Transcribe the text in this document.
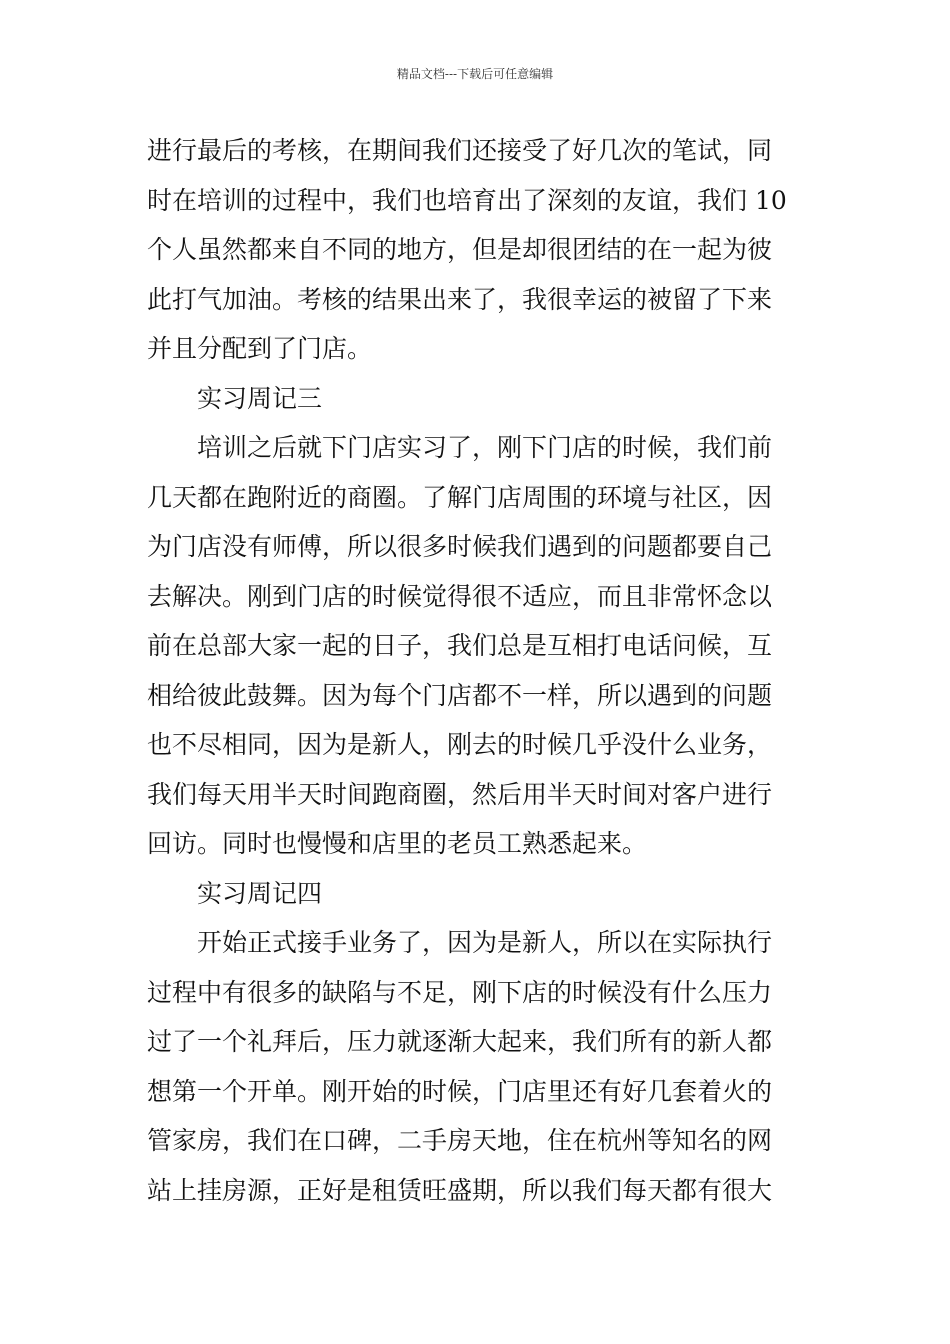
精品文档---下载后可任意编辑
进行最后的考核，在期间我们还接受了好几次的笔试，同
时在培训的过程中，我们也培育出了深刻的友谊，我们 10
个人虽然都来自不同的地方，但是却很团结的在一起为彼
此打气加油。考核的结果出来了，我很幸运的被留了下来
并且分配到了门店。
实习周记三
培训之后就下门店实习了，刚下门店的时候，我们前
几天都在跑附近的商圈。了解门店周围的环境与社区，因
为门店没有师傅，所以很多时候我们遇到的问题都要自己
去解决。刚到门店的时候觉得很不适应，而且非常怀念以
前在总部大家一起的日子，我们总是互相打电话问候，互
相给彼此鼓舞。因为每个门店都不一样，所以遇到的问题
也不尽相同，因为是新人，刚去的时候几乎没什么业务，
我们每天用半天时间跑商圈，然后用半天时间对客户进行
回访。同时也慢慢和店里的老员工熟悉起来。
实习周记四
开始正式接手业务了，因为是新人，所以在实际执行
过程中有很多的缺陷与不足，刚下店的时候没有什么压力
过了一个礼拜后，压力就逐渐大起来，我们所有的新人都
想第一个开单。刚开始的时候，门店里还有好几套着火的
管家房，我们在口碑，二手房天地，住在杭州等知名的网
站上挂房源，正好是租赁旺盛期，所以我们每天都有很大
